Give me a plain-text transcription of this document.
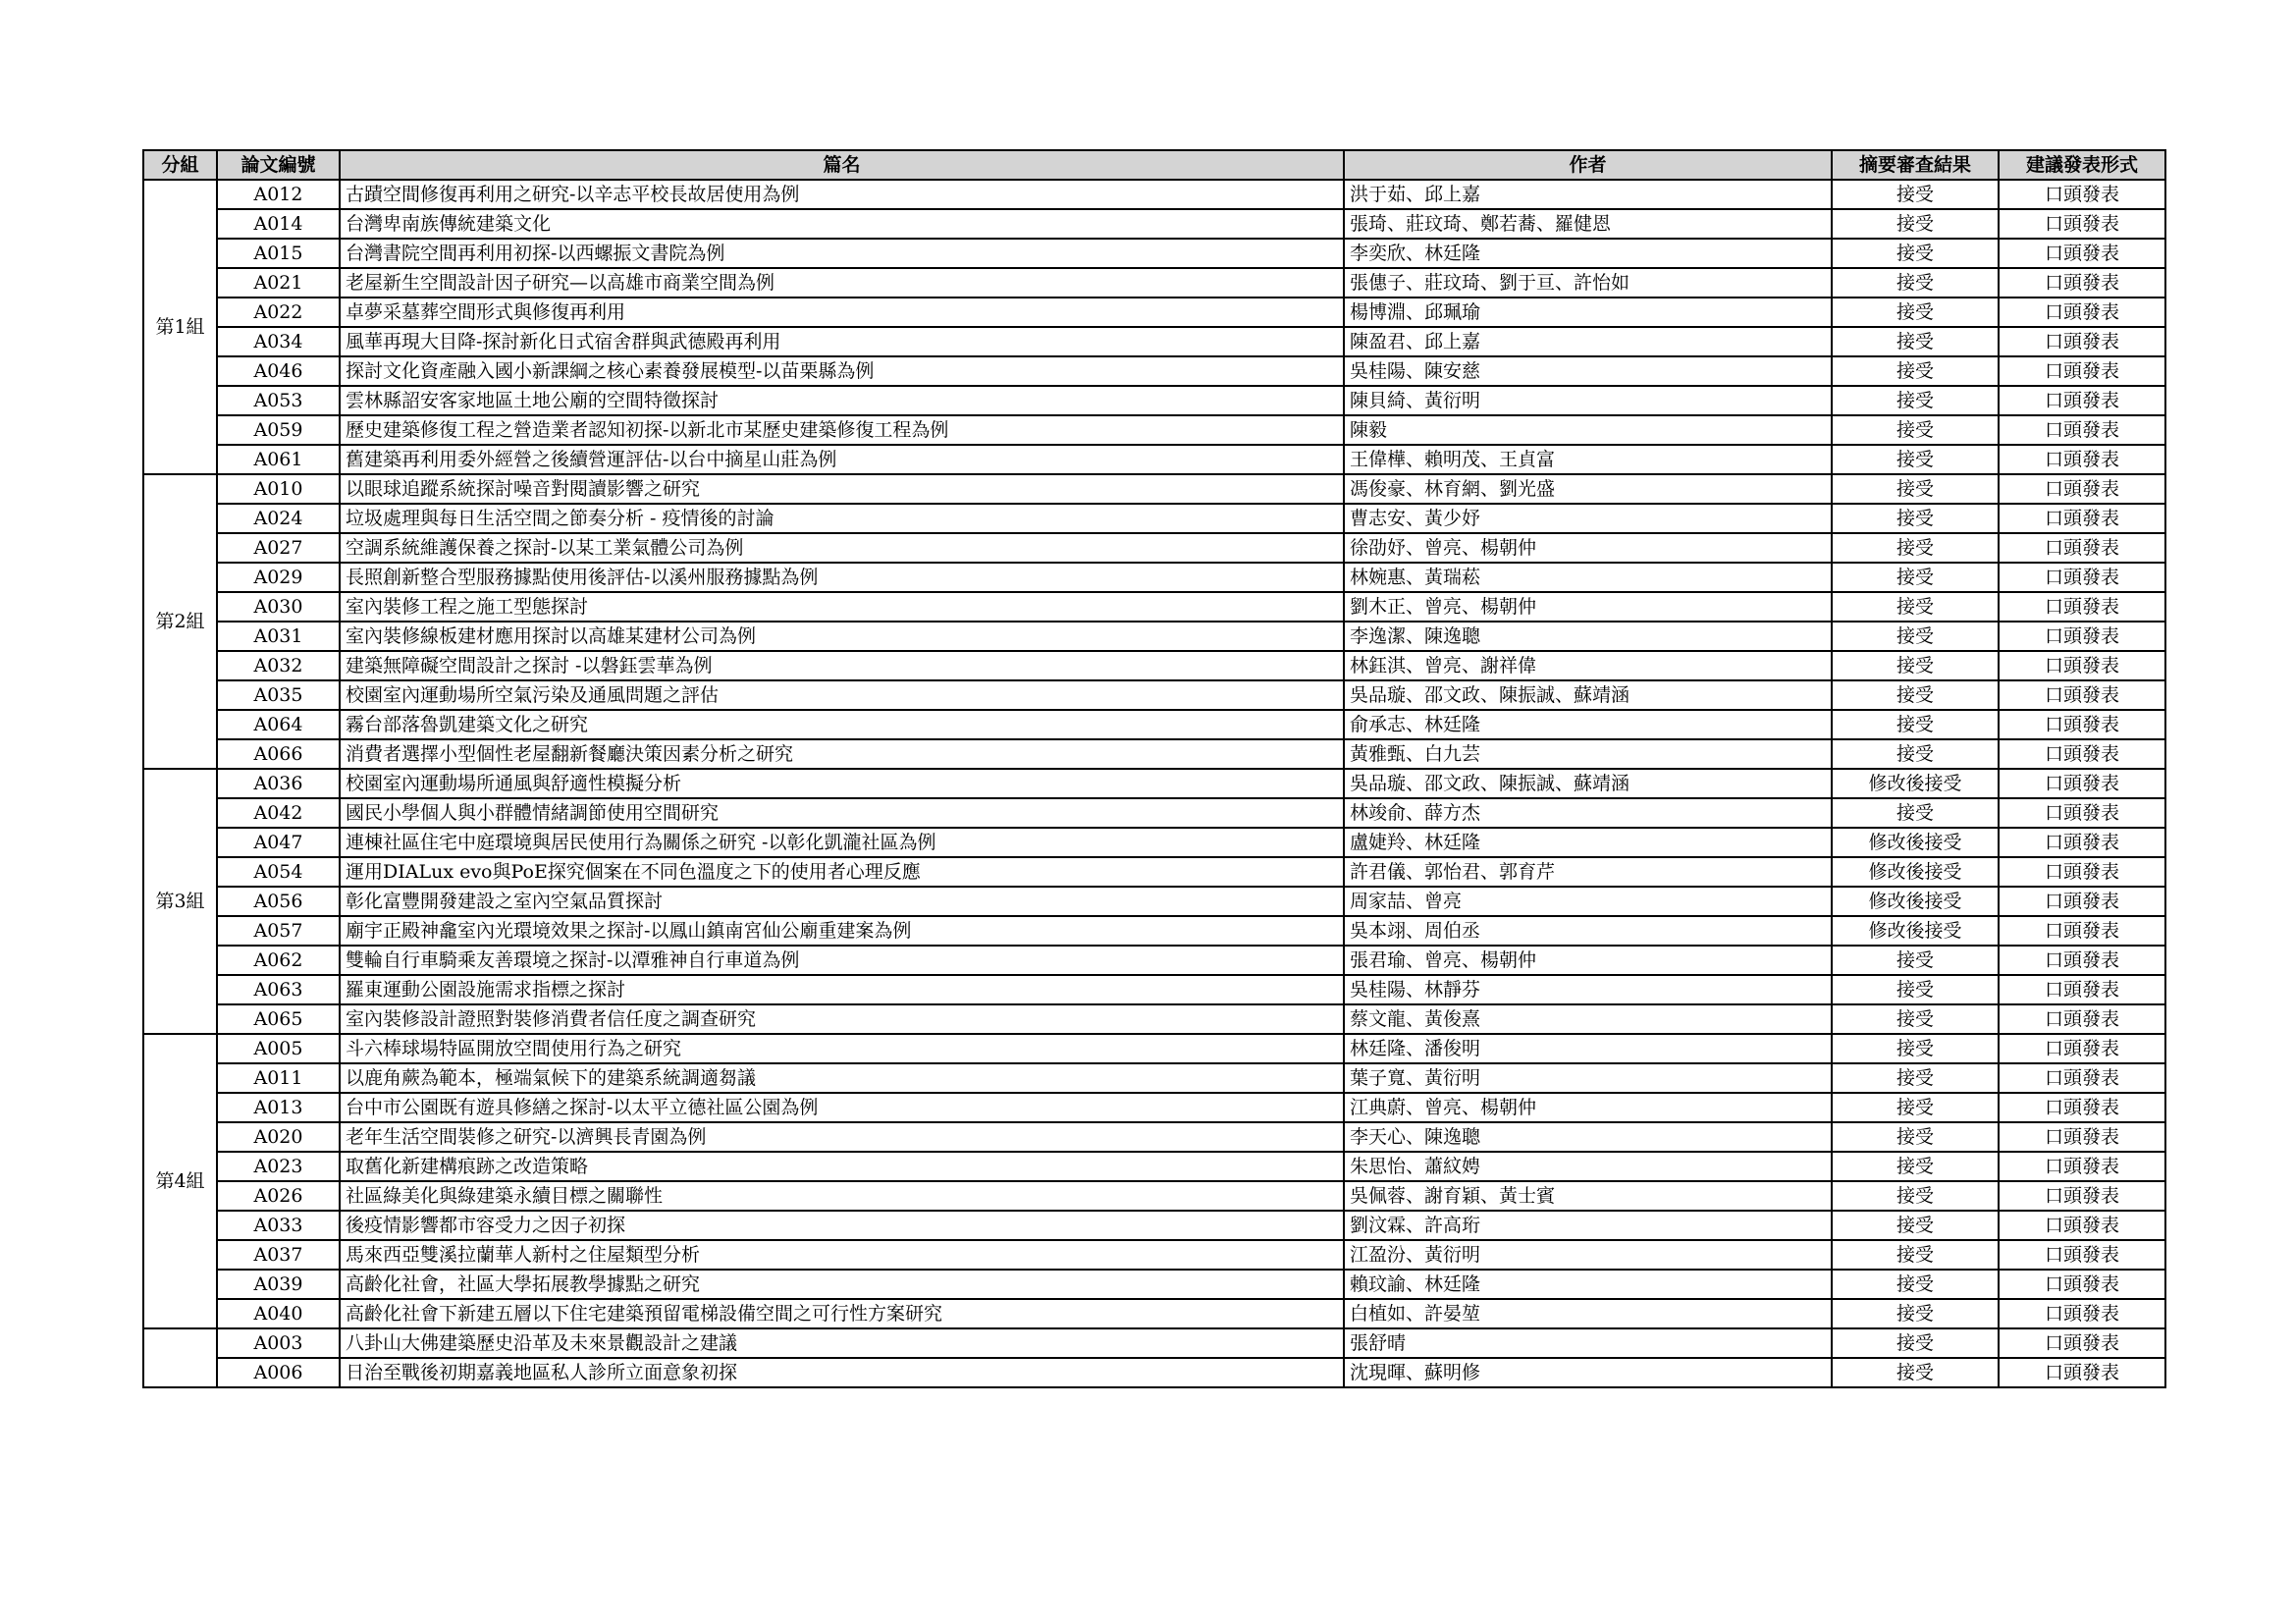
分組	論文編號	篇名	作者	摘要審查結果	建議發表形式
第1組	A012	古蹟空間修復再利用之研究-以辛志平校長故居使用為例	洪于茹、邱上嘉	接受	口頭發表
	A014	台灣卑南族傳統建築文化	張琦、莊玟琦、鄭若蕎、羅健恩	接受	口頭發表
	A015	台灣書院空間再利用初探-以西螺振文書院為例	李奕欣、林廷隆	接受	口頭發表
	A021	老屋新生空間設計因子研究—以高雄市商業空間為例	張僡子、莊玟琦、劉于亘、許怡如	接受	口頭發表
	A022	卓夢采墓葬空間形式與修復再利用	楊博淵、邱珮瑜	接受	口頭發表
	A034	風華再現大目降-探討新化日式宿舍群與武德殿再利用	陳盈君、邱上嘉	接受	口頭發表
	A046	探討文化資產融入國小新課綱之核心素養發展模型-以苗栗縣為例	吳桂陽、陳安慈	接受	口頭發表
	A053	雲林縣詔安客家地區土地公廟的空間特徵探討	陳貝綺、黃衍明	接受	口頭發表
	A059	歷史建築修復工程之營造業者認知初探-以新北市某歷史建築修復工程為例	陳毅	接受	口頭發表
	A061	舊建築再利用委外經營之後續營運評估-以台中摘星山莊為例	王偉樺、賴明茂、王貞富	接受	口頭發表
第2組	A010	以眼球追蹤系統探討噪音對閱讀影響之研究	馮俊豪、林育網、劉光盛	接受	口頭發表
	A024	垃圾處理與每日生活空間之節奏分析 - 疫情後的討論	曹志安、黃少妤	接受	口頭發表
	A027	空調系統維護保養之探討-以某工業氣體公司為例	徐劭妤、曾亮、楊朝仲	接受	口頭發表
	A029	長照創新整合型服務據點使用後評估-以溪州服務據點為例	林婉惠、黃瑞菘	接受	口頭發表
	A030	室內裝修工程之施工型態探討	劉木正、曾亮、楊朝仲	接受	口頭發表
	A031	室內裝修線板建材應用探討以高雄某建材公司為例	李逸潔、陳逸聰	接受	口頭發表
	A032	建築無障礙空間設計之探討 -以磐鈺雲華為例	林鈺淇、曾亮、謝祥偉	接受	口頭發表
	A035	校園室內運動場所空氣污染及通風問題之評估	吳品璇、邵文政、陳振誠、蘇靖涵	接受	口頭發表
	A064	霧台部落魯凱建築文化之研究	俞承志、林廷隆	接受	口頭發表
	A066	消費者選擇小型個性老屋翻新餐廳決策因素分析之研究	黃雅甄、白九芸	接受	口頭發表
第3組	A036	校園室內運動場所通風與舒適性模擬分析	吳品璇、邵文政、陳振誠、蘇靖涵	修改後接受	口頭發表
	A042	國民小學個人與小群體情緒調節使用空間研究	林竣俞、薛方杰	接受	口頭發表
	A047	連棟社區住宅中庭環境與居民使用行為關係之研究 -以彰化凱瀧社區為例	盧婕羚、林廷隆	修改後接受	口頭發表
	A054	運用DIALux evo與PoE探究個案在不同色溫度之下的使用者心理反應	許君儀、郭怡君、郭育芹	修改後接受	口頭發表
	A056	彰化富豐開發建設之室內空氣品質探討	周家喆、曾亮	修改後接受	口頭發表
	A057	廟宇正殿神龕室內光環境效果之探討-以鳳山鎮南宮仙公廟重建案為例	吳本翊、周伯丞	修改後接受	口頭發表
	A062	雙輪自行車騎乘友善環境之探討-以潭雅神自行車道為例	張君瑜、曾亮、楊朝仲	接受	口頭發表
	A063	羅東運動公園設施需求指標之探討	吳桂陽、林靜芬	接受	口頭發表
	A065	室內裝修設計證照對裝修消費者信任度之調查研究	蔡文龍、黃俊熹	接受	口頭發表
第4組	A005	斗六棒球場特區開放空間使用行為之研究	林廷隆、潘俊明	接受	口頭發表
	A011	以鹿角蕨為範本，極端氣候下的建築系統調適芻議	葉子寬、黃衍明	接受	口頭發表
	A013	台中市公園既有遊具修繕之探討-以太平立德社區公園為例	江典蔚、曾亮、楊朝仲	接受	口頭發表
	A020	老年生活空間裝修之研究-以濟興長青園為例	李天心、陳逸聰	接受	口頭發表
	A023	取舊化新建構痕跡之改造策略	朱思怡、蕭紋娉	接受	口頭發表
	A026	社區綠美化與綠建築永續目標之關聯性	吳佩蓉、謝育穎、黃士賓	接受	口頭發表
	A033	後疫情影響都市容受力之因子初探	劉汶霖、許高珩	接受	口頭發表
	A037	馬來西亞雙溪拉蘭華人新村之住屋類型分析	江盈汾、黃衍明	接受	口頭發表
	A039	高齡化社會，社區大學拓展教學據點之研究	賴玟諭、林廷隆	接受	口頭發表
	A040	高齡化社會下新建五層以下住宅建築預留電梯設備空間之可行性方案研究	白植如、許晏堃	接受	口頭發表
	A003	八卦山大佛建築歷史沿革及未來景觀設計之建議	張舒晴	接受	口頭發表
	A006	日治至戰後初期嘉義地區私人診所立面意象初探	沈現暉、蘇明修	接受	口頭發表
